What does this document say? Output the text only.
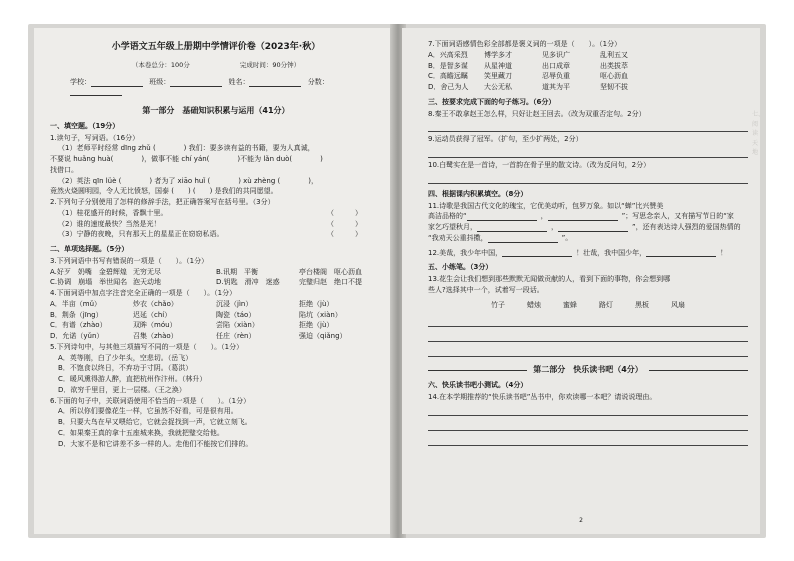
小学语文五年级上册期中学情评价卷（2023年·秋）
（本卷总分：100分	完成时间：90分钟）
学校：	班级：	姓名：	分数：
第一部分　基础知识积累与运用（41分）
一、填空题。（19分）
1.读句子，写词语。（16分）
（1）老师平时经常 dīng zhǔ (　　　　) 我们：要多读有益的书籍，要为人真诚，
不要说 huǎng huà(　　　　)，做事不能 chí yán(　　　　)不能为 lǎn duò(　　　　)
找借口。
（2）英法 qīn lüè (　　　　) 者为了 xiāo huǐ (　　　　) xù zhèng (　　　　)，
竟然火烧圆明园，令人无比愤怒，国泰 (　　) (　　) 是我们的共同愿望。
2.下列句子分别使用了怎样的修辞手法，把正确答案写在括号里。（3分）
（1）桂花盛开的时候，香飘十里。	（　　　）
（2）谁的速度最快？当然是光！	（　　　）
（3）宁静的夜晚，只有那天上的星星正在窃窃私语。	（　　　）
二、单项选择题。（5分）
3.下列词语中书写有错误的一项是（　　）。（1分）
A.好歹　奶嘴　金碧辉煌 无穷无尽	B.讯期　平衡	亭台楼阁　呕心沥血
C.协调　崩塌　举世闻名 泡天动地	D.钥匙　滑冲　迷惑	完璧归赵　绝口不提
4.下面词语中加点字注音完全正确的一项是（　　）。（1分）
A．半亩（mǔ）	炒衣（chǎo）	沉浸（jìn）	拒绝（jù）
B．荆条（jīng）	迟延（chí）	陶瓷（táo）	陷坑（xiàn）
C．有谱（zhào）	双眸（móu）	尝陷（xiàn）	拒绝（jù）
D．允诺（yǔn）	召集（zhào）	任庄（rèn）	强迫（qiǎng）
5.下列诗句中，与其他三项描写不同的一项是（　　）。（1分）
A．英等刚，白了少年头，空悲切。（岳飞）
B．不饱食以终日，不弃功于寸阴。（葛洪）
C．暖风熏得游人醉，直把杭州作汴州。（林升）
D．欲穷千里目，更上一层楼。（王之涣）
6.下面的句子中，关联词语使用不恰当的一项是（　　）。（1分）
A．所以你们要像花生一样，它虽然不好看，可是很有用。
B．只要大鸟在早又喂给它，它就会捉找到一声，它就立刻飞。
C．如果秦王真的拿十五座城来换，我就把璧交给他。
D．大家不是和它讲差不多一样的人。走他们不能按它们排的。
7.下面词语感情色彩全部都是褒义词的一项是（　　）。（1分）
A．兴高采烈	博学多才	见多识广	乱利五又
B．是智多谋	从星神道	出口成章	出类拔萃
C．高瞻远瞩	笑里藏刀	忍辱负重	呕心沥血
D．舍己为人	大公无私	道其为平	坚韧不拔
三、按要求完成下面的句子练习。（6分）
8.秦王不敢拿赵王怎么样，只好让赵王回去。（改为双重否定句。2分）
9.运动员获得了冠军。（扩句，至少扩两处，2分）
10.白鹭实在是一首诗，一首韵在骨子里的散文诗。（改为反问句，2分）
四、根据课内积累填空。（8分）
11.诗歌是我国古代文化的瑰宝，它优美动听，包罗万象。如以“蝉”比兴赞美
高洁品格的“	，	”；写思念亲人，又有描写节日的“家
家乞巧望秋月，	，	”，还有表达诗人强烈的爱国热情的
“我劝天公重抖擞，	”。
12.美哉，我少年中国，	！壮哉，我中国少年，	！
五、小练笔。（3分）
13.花生会让我们想到那些默默无闻做贡献的人，看到下面的事物，你会想到哪
些人?选择其中一个，试着写一段话。
竹子	蜡烛	蜜蜂	路灯	黑板	风扇
第二部分　快乐读书吧（4分）
六、快乐读书吧小测试。（4分）
14.在本学期推荐的“快乐读书吧”丛书中，你欢读哪一本吧？请说说理由。
2
七、阅读天地
